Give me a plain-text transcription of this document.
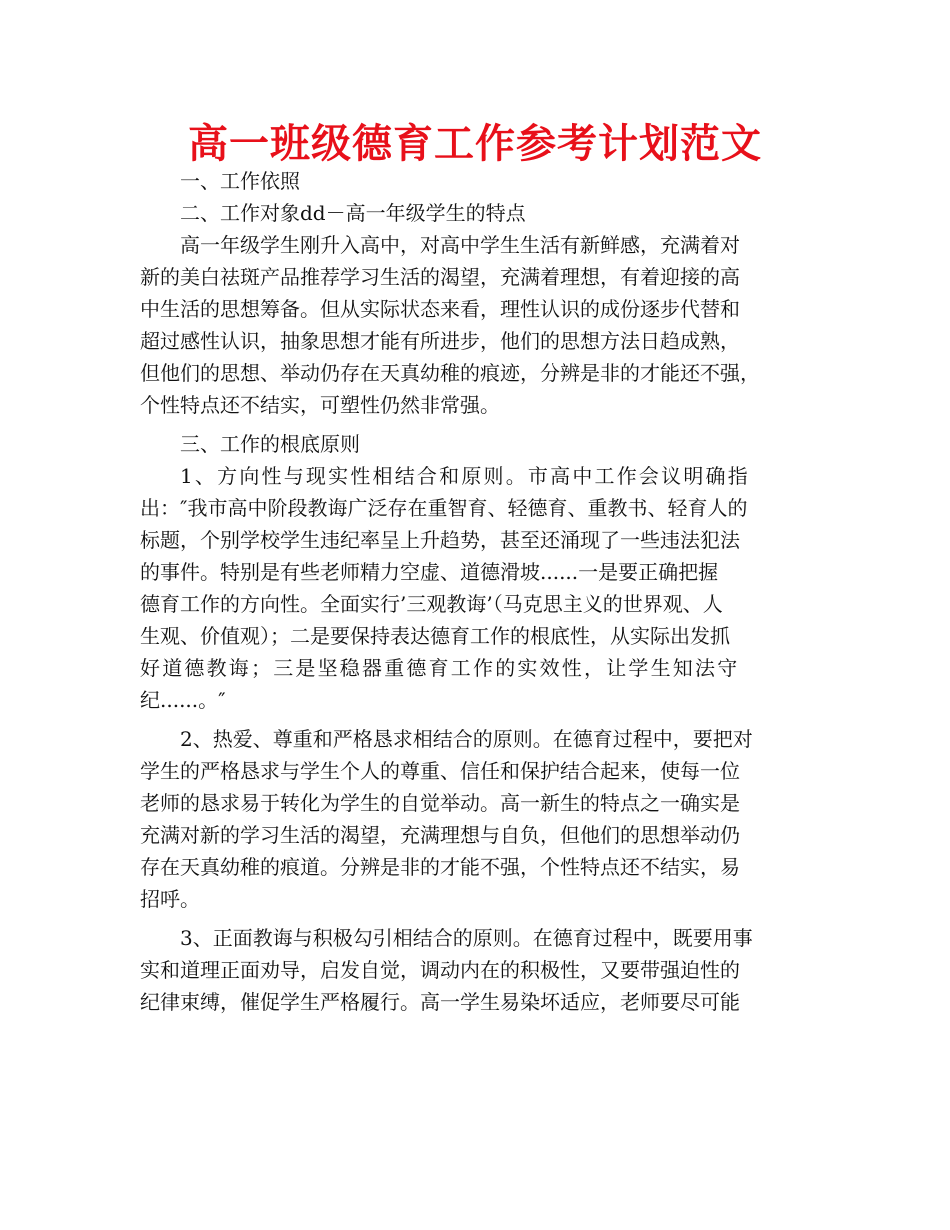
高一班级德育工作参考计划范文

一、工作依照

二、工作对象dd－高一年级学生的特点

高一年级学生刚升入高中，对高中学生生活有新鲜感，充满着对
新的美白祛斑产品推荐学习生活的渴望，充满着理想，有着迎接的高
中生活的思想筹备。但从实际状态来看，理性认识的成份逐步代替和
超过感性认识，抽象思想才能有所进步，他们的思想方法日趋成熟，
但他们的思想、举动仍存在天真幼稚的痕迹，分辨是非的才能还不强，
个性特点还不结实，可塑性仍然非常强。

三、工作的根底原则

1、方向性与现实性相结合和原则。市高中工作会议明确指
出：″我市高中阶段教诲广泛存在重智育、轻德育、重教书、轻育人的
标题，个别学校学生违纪率呈上升趋势，甚至还涌现了一些违法犯法
的事件。特别是有些老师精力空虚、道德滑坡......一是要正确把握
德育工作的方向性。全面实行’三观教诲’（马克思主义的世界观、人
生观、价值观）；二是要保持表达德育工作的根底性，从实际出发抓
好道德教诲；三是坚稳器重德育工作的实效性，让学生知法守
纪......。″
2、热爱、尊重和严格恳求相结合的原则。在德育过程中，要把对
学生的严格恳求与学生个人的尊重、信任和保护结合起来，使每一位
老师的恳求易于转化为学生的自觉举动。高一新生的特点之一确实是
充满对新的学习生活的渴望，充满理想与自负，但他们的思想举动仍
存在天真幼稚的痕道。分辨是非的才能不强，个性特点还不结实，易
招呼。
3、正面教诲与积极勾引相结合的原则。在德育过程中，既要用事
实和道理正面劝导，启发自觉，调动内在的积极性，又要带强迫性的
纪律束缚，催促学生严格履行。高一学生易染坏适应，老师要尽可能
